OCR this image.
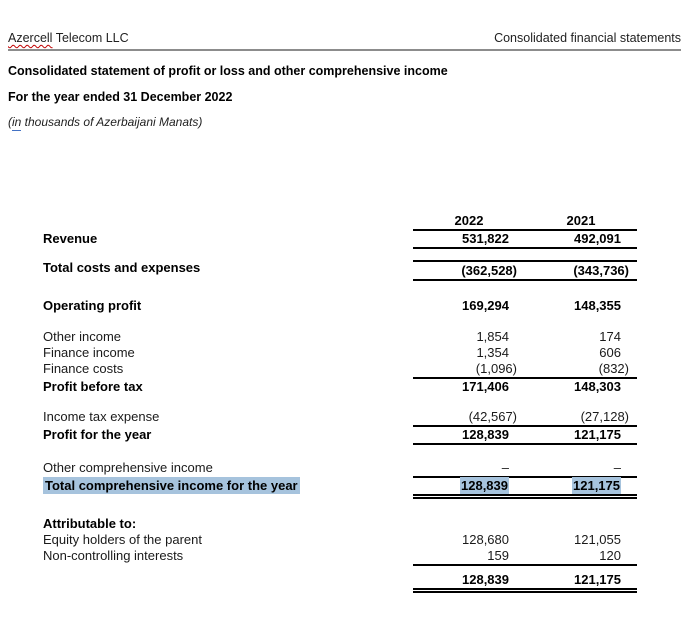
Azercell Telecom LLC	Consolidated financial statements
Consolidated statement of profit or loss and other comprehensive income
For the year ended 31 December 2022
(in thousands of Azerbaijani Manats)
2022	2021
Revenue	531,822	492,091
Total costs and expenses	(362,528)	(343,736)
Operating profit	169,294	148,355
Other income	1,854	174
Finance income	1,354	606
Finance costs	(1,096)	(832)
Profit before tax	171,406	148,303
Income tax expense	(42,567)	(27,128)
Profit for the year	128,839	121,175
Other comprehensive income	–	–
Total comprehensive income for the year	128,839	121,175
Attributable to:
Equity holders of the parent	128,680	121,055
Non-controlling interests	159	120
128,839	121,175
